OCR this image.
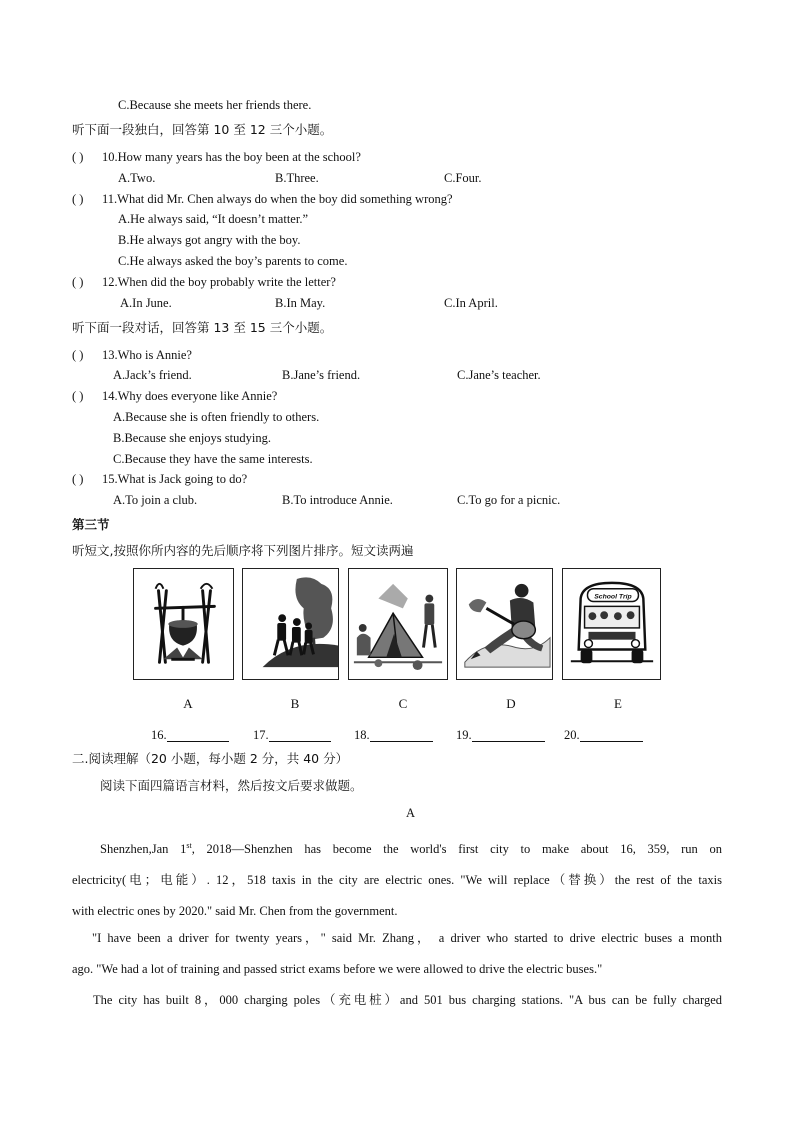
C.Because she meets her friends there.
听下面一段独白，回答第 10 至 12 三个小题。
( ) 10.How many years has the boy been at the school?
A.Two.	B.Three.	C.Four.
( ) 11.What did Mr. Chen always do when the boy did something wrong?
A.He always said, “It doesn’t matter.”
B.He always got angry with the boy.
C.He always asked the boy’s parents to come.
( ) 12.When did the boy probably write the letter?
A.In June.	B.In May.	C.In April.
听下面一段对话，回答第 13 至 15 三个小题。
( ) 13.Who is Annie?
A.Jack’s friend.	B.Jane’s friend.	C.Jane’s teacher.
( ) 14.Why does everyone like Annie?
A.Because she is often friendly to others.
B.Because she enjoys studying.
C.Because they have the same interests.
( ) 15.What is Jack going to do?
A.To join a club.	B.To introduce Annie.	C.To go for a picnic.
第三节
听短文,按照你所内容的先后顺序将下列图片排序。短文读两遍
School Trip
A	B	C	D	E
16.	17.	18.	19.	20.
二.阅读理解（20 小题，每小题 2 分，共 40 分）
阅读下面四篇语言材料，然后按文后要求做题。
A
Shenzhen,Jan 1st, 2018—Shenzhen has become the world's first city to make about 16, 359, run on
electricity(电；电能）. 12，518 taxis in the city are electric ones. "We will replace（替换）the rest of the taxis
with electric ones by 2020." said Mr. Chen from the government.
"I have been a driver for twenty years，" said Mr. Zhang， a driver who started to drive electric buses a month
ago. "We had a lot of training and passed strict exams before we were allowed to drive the electric buses."
The city has built 8，000 charging poles（充电桩）and 501 bus charging stations. "A bus can be fully charged
